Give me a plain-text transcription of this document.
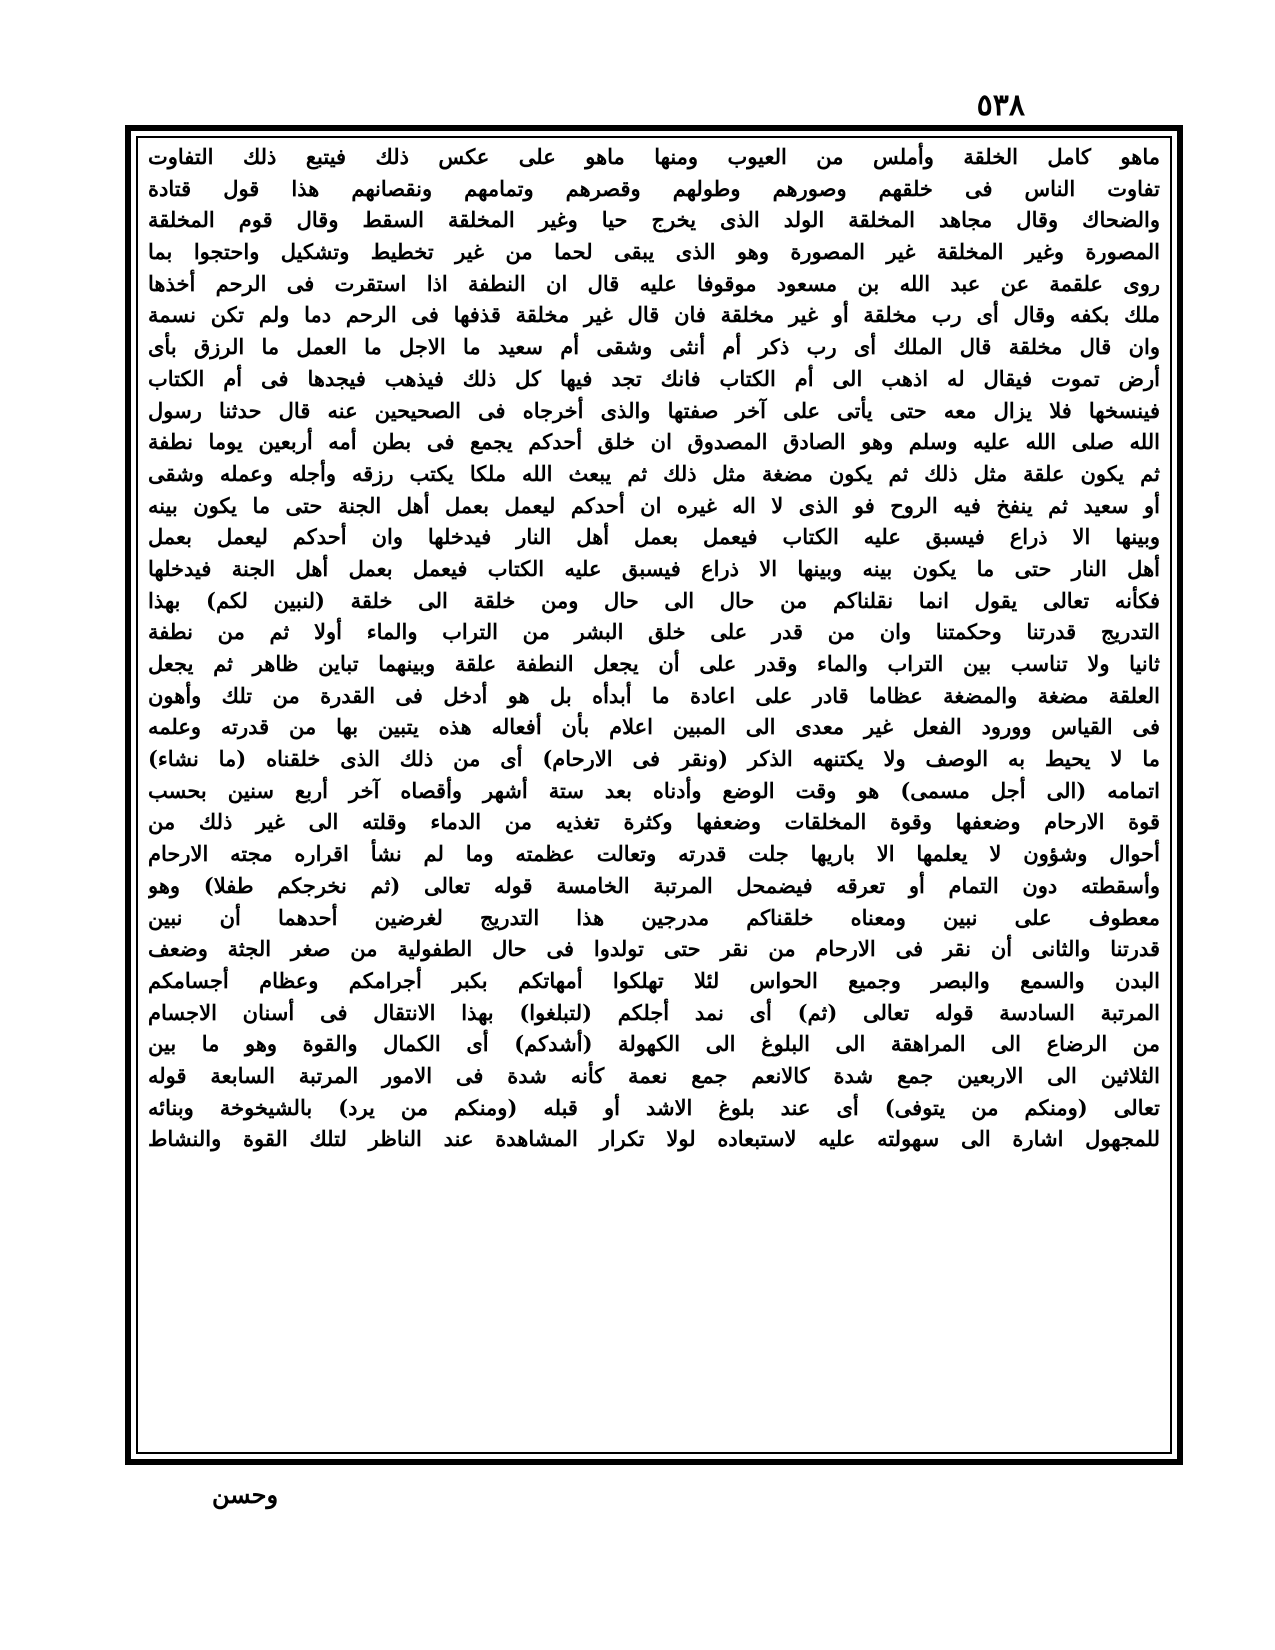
٥٣٨
ماهو كامل الخلقة وأملس من العيوب ومنها ماهو على عكس ذلك فيتبع ذلك التفاوت
تفاوت الناس فى خلقهم وصورهم وطولهم وقصرهم وتمامهم ونقصانهم هذا قول قتادة
والضحاك وقال مجاهد المخلقة الولد الذى يخرج حيا وغير المخلقة السقط وقال قوم المخلقة
المصورة وغير المخلقة غير المصورة وهو الذى يبقى لحما من غير تخطيط وتشكيل واحتجوا بما
روى علقمة عن عبد الله بن مسعود موقوفا عليه قال ان النطفة اذا استقرت فى الرحم أخذها
ملك بكفه وقال أى رب مخلقة أو غير مخلقة فان قال غير مخلقة قذفها فى الرحم دما ولم تكن نسمة
وان قال مخلقة قال الملك أى رب ذكر أم أنثى وشقى أم سعيد ما الاجل ما العمل ما الرزق بأى
أرض تموت فيقال له اذهب الى أم الكتاب فانك تجد فيها كل ذلك فيذهب فيجدها فى أم الكتاب
فينسخها فلا يزال معه حتى يأتى على آخر صفتها والذى أخرجاه فى الصحيحين عنه قال حدثنا رسول
الله صلى الله عليه وسلم وهو الصادق المصدوق ان خلق أحدكم يجمع فى بطن أمه أربعين يوما نطفة
ثم يكون علقة مثل ذلك ثم يكون مضغة مثل ذلك ثم يبعث الله ملكا يكتب رزقه وأجله وعمله وشقى
أو سعيد ثم ينفخ فيه الروح فو الذى لا اله غيره ان أحدكم ليعمل بعمل أهل الجنة حتى ما يكون بينه
وبينها الا ذراع فيسبق عليه الكتاب فيعمل بعمل أهل النار فيدخلها وان أحدكم ليعمل بعمل
أهل النار حتى ما يكون بينه وبينها الا ذراع فيسبق عليه الكتاب فيعمل بعمل أهل الجنة فيدخلها
فكأنه تعالى يقول انما نقلناكم من حال الى حال ومن خلقة الى خلقة (لنبين لكم) بهذا
التدريج قدرتنا وحكمتنا وان من قدر على خلق البشر من التراب والماء أولا ثم من نطفة
ثانيا ولا تناسب بين التراب والماء وقدر على أن يجعل النطفة علقة وبينهما تباين ظاهر ثم يجعل
العلقة مضغة والمضغة عظاما قادر على اعادة ما أبدأه بل هو أدخل فى القدرة من تلك وأهون
فى القياس وورود الفعل غير معدى الى المبين اعلام بأن أفعاله هذه يتبين بها من قدرته وعلمه
ما لا يحيط به الوصف ولا يكتنهه الذكر (ونقر فى الارحام) أى من ذلك الذى خلقناه (ما نشاء)
اتمامه (الى أجل مسمى) هو وقت الوضع وأدناه بعد ستة أشهر وأقصاه آخر أربع سنين بحسب
قوة الارحام وضعفها وقوة المخلقات وضعفها وكثرة تغذيه من الدماء وقلته الى غير ذلك من
أحوال وشؤون لا يعلمها الا باريها جلت قدرته وتعالت عظمته وما لم نشأ اقراره مجته الارحام
وأسقطته دون التمام أو تعرقه فيضمحل المرتبة الخامسة قوله تعالى (ثم نخرجكم طفلا) وهو
معطوف على نبين ومعناه خلقناكم مدرجين هذا التدريج لغرضين أحدهما أن نبين
قدرتنا والثانى أن نقر فى الارحام من نقر حتى تولدوا فى حال الطفولية من صغر الجثة وضعف
البدن والسمع والبصر وجميع الحواس لئلا تهلكوا أمهاتكم بكبر أجرامكم وعظام أجسامكم
المرتبة السادسة قوله تعالى (ثم) أى نمد أجلكم (لتبلغوا) بهذا الانتقال فى أسنان الاجسام
من الرضاع الى المراهقة الى البلوغ الى الكهولة (أشدكم) أى الكمال والقوة وهو ما بين
الثلاثين الى الاربعين جمع شدة كالانعم جمع نعمة كأنه شدة فى الامور المرتبة السابعة قوله
تعالى (ومنكم من يتوفى) أى عند بلوغ الاشد أو قبله (ومنكم من يرد) بالشيخوخة وبنائه
للمجهول اشارة الى سهولته عليه لاستبعاده لولا تكرار المشاهدة عند الناظر لتلك القوة والنشاط
وحسن
